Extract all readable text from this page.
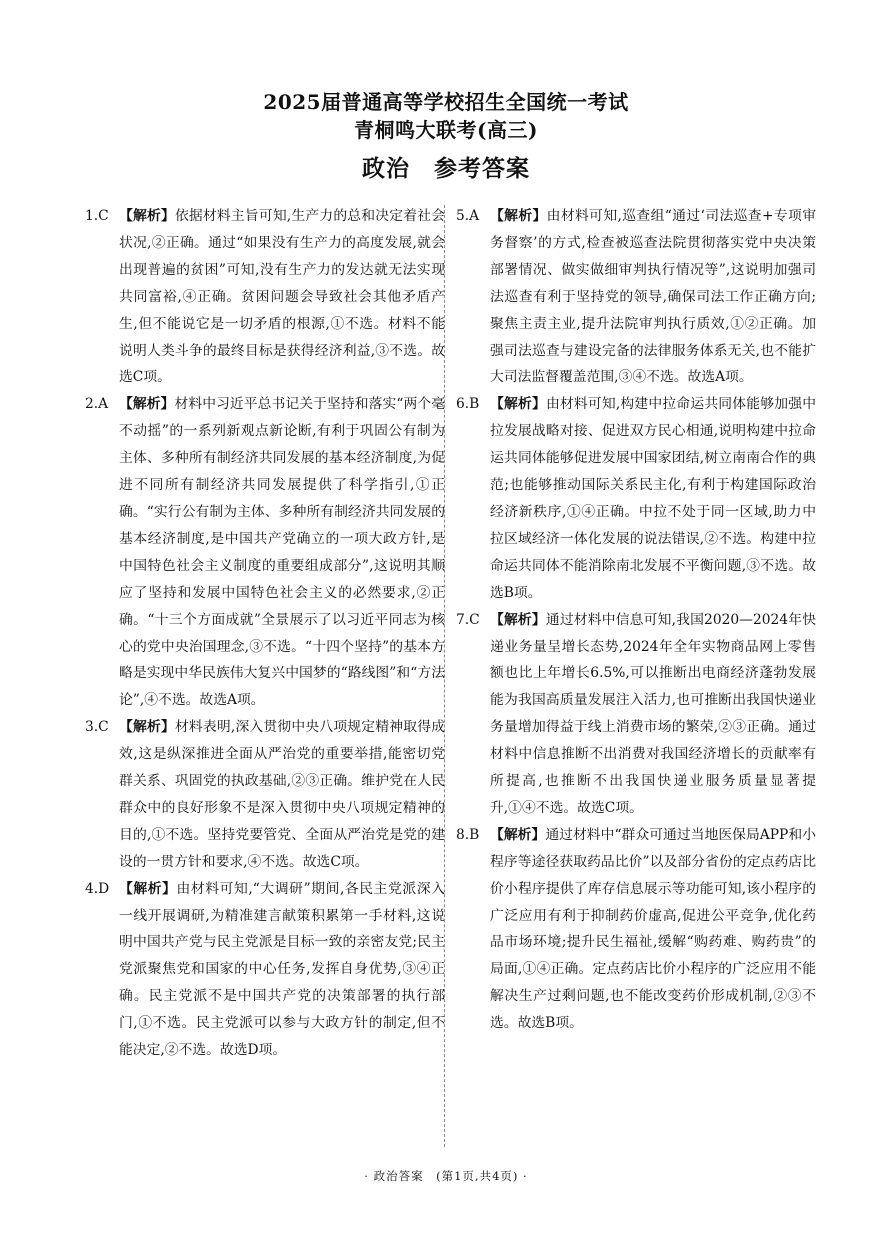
2025届普通高等学校招生全国统一考试
青桐鸣大联考(高三)
政治　参考答案
1.C 【解析】依据材料主旨可知,生产力的总和决定着社会状况,②正确。通过“如果没有生产力的高度发展,就会出现普遍的贫困”可知,没有生产力的发达就无法实现共同富裕,④正确。贫困问题会导致社会其他矛盾产生,但不能说它是一切矛盾的根源,①不选。材料不能说明人类斗争的最终目标是获得经济利益,③不选。故选C项。
2.A 【解析】材料中习近平总书记关于坚持和落实“两个毫不动摇”的一系列新观点新论断,有利于巩固公有制为主体、多种所有制经济共同发展的基本经济制度,为促进不同所有制经济共同发展提供了科学指引,①正确。“实行公有制为主体、多种所有制经济共同发展的基本经济制度,是中国共产党确立的一项大政方针,是中国特色社会主义制度的重要组成部分”,这说明其顺应了坚持和发展中国特色社会主义的必然要求,②正确。“十三个方面成就”全景展示了以习近平同志为核心的党中央治国理念,③不选。“十四个坚持”的基本方略是实现中华民族伟大复兴中国梦的“路线图”和“方法论”,④不选。故选A项。
3.C 【解析】材料表明,深入贯彻中央八项规定精神取得成效,这是纵深推进全面从严治党的重要举措,能密切党群关系、巩固党的执政基础,②③正确。维护党在人民群众中的良好形象不是深入贯彻中央八项规定精神的目的,①不选。坚持党要管党、全面从严治党是党的建设的一贯方针和要求,④不选。故选C项。
4.D 【解析】由材料可知,“大调研”期间,各民主党派深入一线开展调研,为精准建言献策积累第一手材料,这说明中国共产党与民主党派是目标一致的亲密友党;民主党派聚焦党和国家的中心任务,发挥自身优势,③④正确。民主党派不是中国共产党的决策部署的执行部门,①不选。民主党派可以参与大政方针的制定,但不能决定,②不选。故选D项。
5.A 【解析】由材料可知,巡查组“通过‘司法巡查+专项审务督察’的方式,检查被巡查法院贯彻落实党中央决策部署情况、做实做细审判执行情况等”,这说明加强司法巡查有利于坚持党的领导,确保司法工作正确方向;聚焦主责主业,提升法院审判执行质效,①②正确。加强司法巡查与建设完备的法律服务体系无关,也不能扩大司法监督覆盖范围,③④不选。故选A项。
6.B 【解析】由材料可知,构建中拉命运共同体能够加强中拉发展战略对接、促进双方民心相通,说明构建中拉命运共同体能够促进发展中国家团结,树立南南合作的典范;也能够推动国际关系民主化,有利于构建国际政治经济新秩序,①④正确。中拉不处于同一区域,助力中拉区域经济一体化发展的说法错误,②不选。构建中拉命运共同体不能消除南北发展不平衡问题,③不选。故选B项。
7.C 【解析】通过材料中信息可知,我国2020—2024年快递业务量呈增长态势,2024年全年实物商品网上零售额也比上年增长6.5%,可以推断出电商经济蓬勃发展能为我国高质量发展注入活力,也可推断出我国快递业务量增加得益于线上消费市场的繁荣,②③正确。通过材料中信息推断不出消费对我国经济增长的贡献率有所提高,也推断不出我国快递业服务质量显著提升,①④不选。故选C项。
8.B 【解析】通过材料中“群众可通过当地医保局APP和小程序等途径获取药品比价”以及部分省份的定点药店比价小程序提供了库存信息展示等功能可知,该小程序的广泛应用有利于抑制药价虚高,促进公平竞争,优化药品市场环境;提升民生福祉,缓解“购药难、购药贵”的局面,①④正确。定点药店比价小程序的广泛应用不能解决生产过剩问题,也不能改变药价形成机制,②③不选。故选B项。
· 政治答案　(第1页,共4页) ·
